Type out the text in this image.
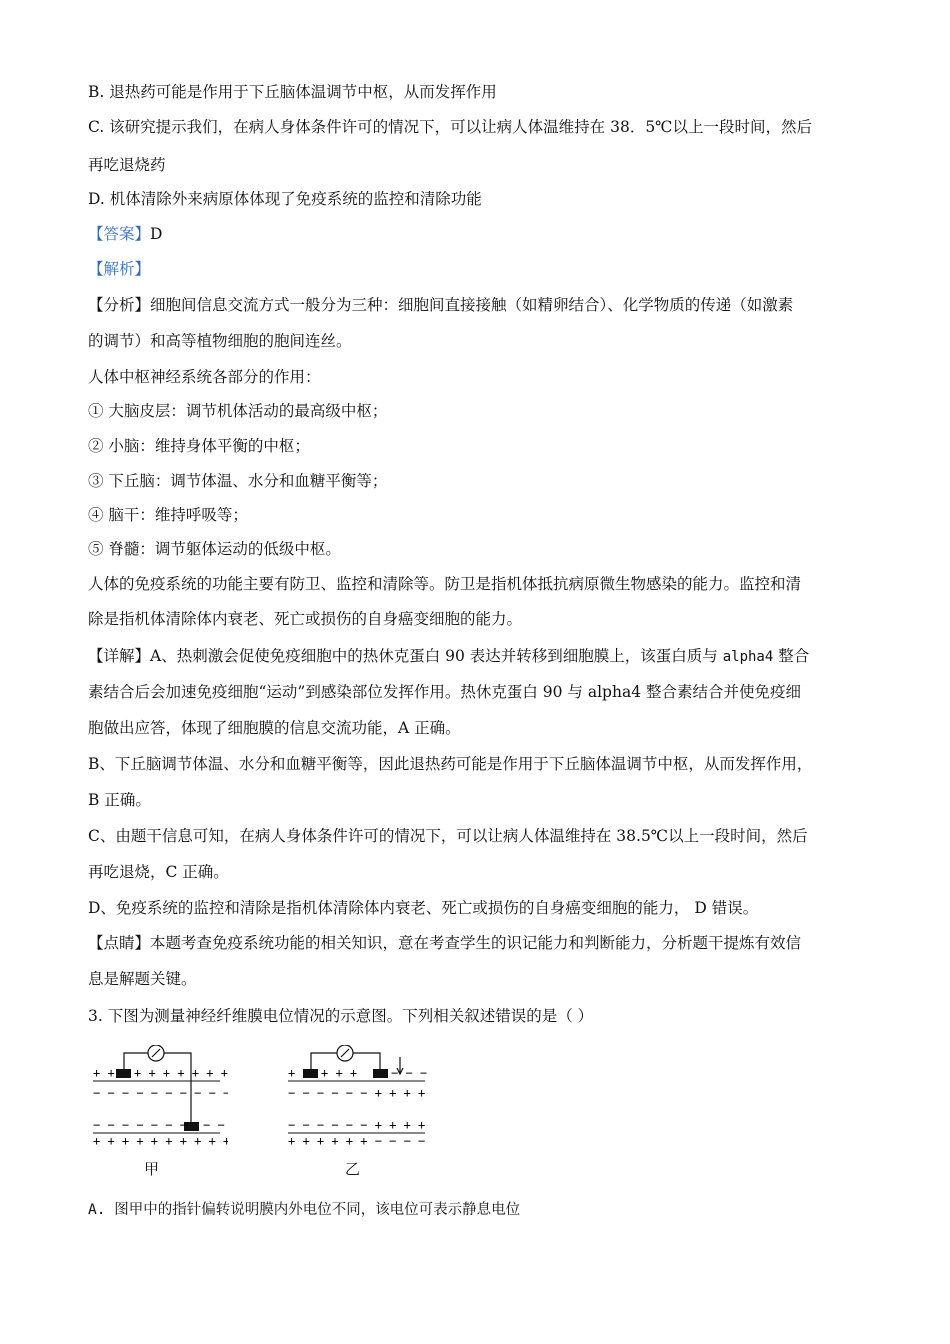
B. 退热药可能是作用于下丘脑体温调节中枢，从而发挥作用
C. 该研究提示我们，在病人身体条件许可的情况下，可以让病人体温维持在 38．5℃以上一段时间，然后
再吃退烧药
D. 机体清除外来病原体体现了免疫系统的监控和清除功能
【答案】D
【解析】
【分析】细胞间信息交流方式一般分为三种：细胞间直接接触（如精卵结合）、化学物质的传递（如激素
的调节）和高等植物细胞的胞间连丝。
人体中枢神经系统各部分的作用：
① 大脑皮层：调节机体活动的最高级中枢；
② 小脑：维持身体平衡的中枢；
③ 下丘脑：调节体温、水分和血糖平衡等；
④ 脑干：维持呼吸等；
⑤ 脊髓：调节躯体运动的低级中枢。
人体的免疫系统的功能主要有防卫、监控和清除等。防卫是指机体抵抗病原微生物感染的能力。监控和清
除是指机体清除体内衰老、死亡或损伤的自身癌变细胞的能力。
【详解】A、热刺激会促使免疫细胞中的热休克蛋白 90 表达并转移到细胞膜上，该蛋白质与 alpha4 整合
素结合后会加速免疫细胞“运动”到感染部位发挥作用。热休克蛋白 90 与 alpha4 整合素结合并使免疫细
胞做出应答，体现了细胞膜的信息交流功能，A 正确。
B、下丘脑调节体温、水分和血糖平衡等，因此退热药可能是作用于下丘脑体温调节中枢，从而发挥作用，
B 正确。
C、由题干信息可知，在病人身体条件许可的情况下，可以让病人体温维持在 38.5℃以上一段时间，然后
再吃退烧，C 正确。
D、免疫系统的监控和清除是指机体清除体内衰老、死亡或损伤的自身癌变细胞的能力， D 错误。
【点睛】本题考查免疫系统功能的相关知识，意在考查学生的识记能力和判断能力，分析题干提炼有效信
息是解题关键。
3. 下图为测量神经纤维膜电位情况的示意图。下列相关叙述错误的是（ ）
+ + + + + + + + +
− − − − − − − − − −
− − − − − − − − −
+ + + + + + + + + +
甲
+ + + +	− − −
− − − − − − + + + +
− − − − − − + + + +
+ + + + + + − − − −
乙
A. 图甲中的指针偏转说明膜内外电位不同，该电位可表示静息电位
